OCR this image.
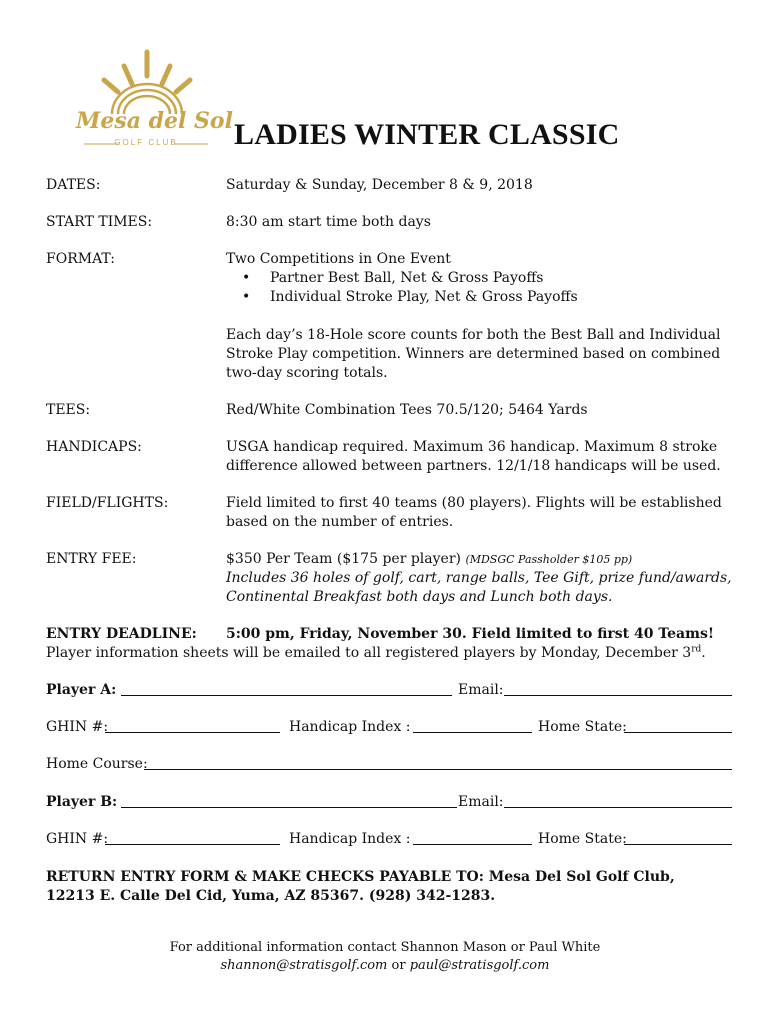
Mesa del Sol
GOLF CLUB	LADIES WINTER CLASSIC
DATES:	Saturday & Sunday, December 8 & 9, 2018
START TIMES:	8:30 am start time both days
FORMAT:	Two Competitions in One Event
• Partner Best Ball, Net & Gross Payoffs
• Individual Stroke Play, Net & Gross Payoffs
Each day’s 18-Hole score counts for both the Best Ball and Individual
Stroke Play competition. Winners are determined based on combined
two-day scoring totals.
TEES:	Red/White Combination Tees 70.5/120; 5464 Yards
HANDICAPS:	USGA handicap required. Maximum 36 handicap. Maximum 8 stroke
difference allowed between partners. 12/1/18 handicaps will be used.
FIELD/FLIGHTS:	Field limited to first 40 teams (80 players). Flights will be established
based on the number of entries.
ENTRY FEE:	$350 Per Team ($175 per player) (MDSGC Passholder $105 pp)
Includes 36 holes of golf, cart, range balls, Tee Gift, prize fund/awards,
Continental Breakfast both days and Lunch both days.
ENTRY DEADLINE: 5:00 pm, Friday, November 30. Field limited to first 40 Teams!
Player information sheets will be emailed to all registered players by Monday, December 3rd.
Player A:	Email:
GHIN #:	Handicap Index :	Home State:
Home Course:
Player B:	Email:
GHIN #:	Handicap Index :	Home State:
RETURN ENTRY FORM & MAKE CHECKS PAYABLE TO: Mesa Del Sol Golf Club,
12213 E. Calle Del Cid, Yuma, AZ 85367. (928) 342-1283.
For additional information contact Shannon Mason or Paul White
shannon@stratisgolf.com or paul@stratisgolf.com
